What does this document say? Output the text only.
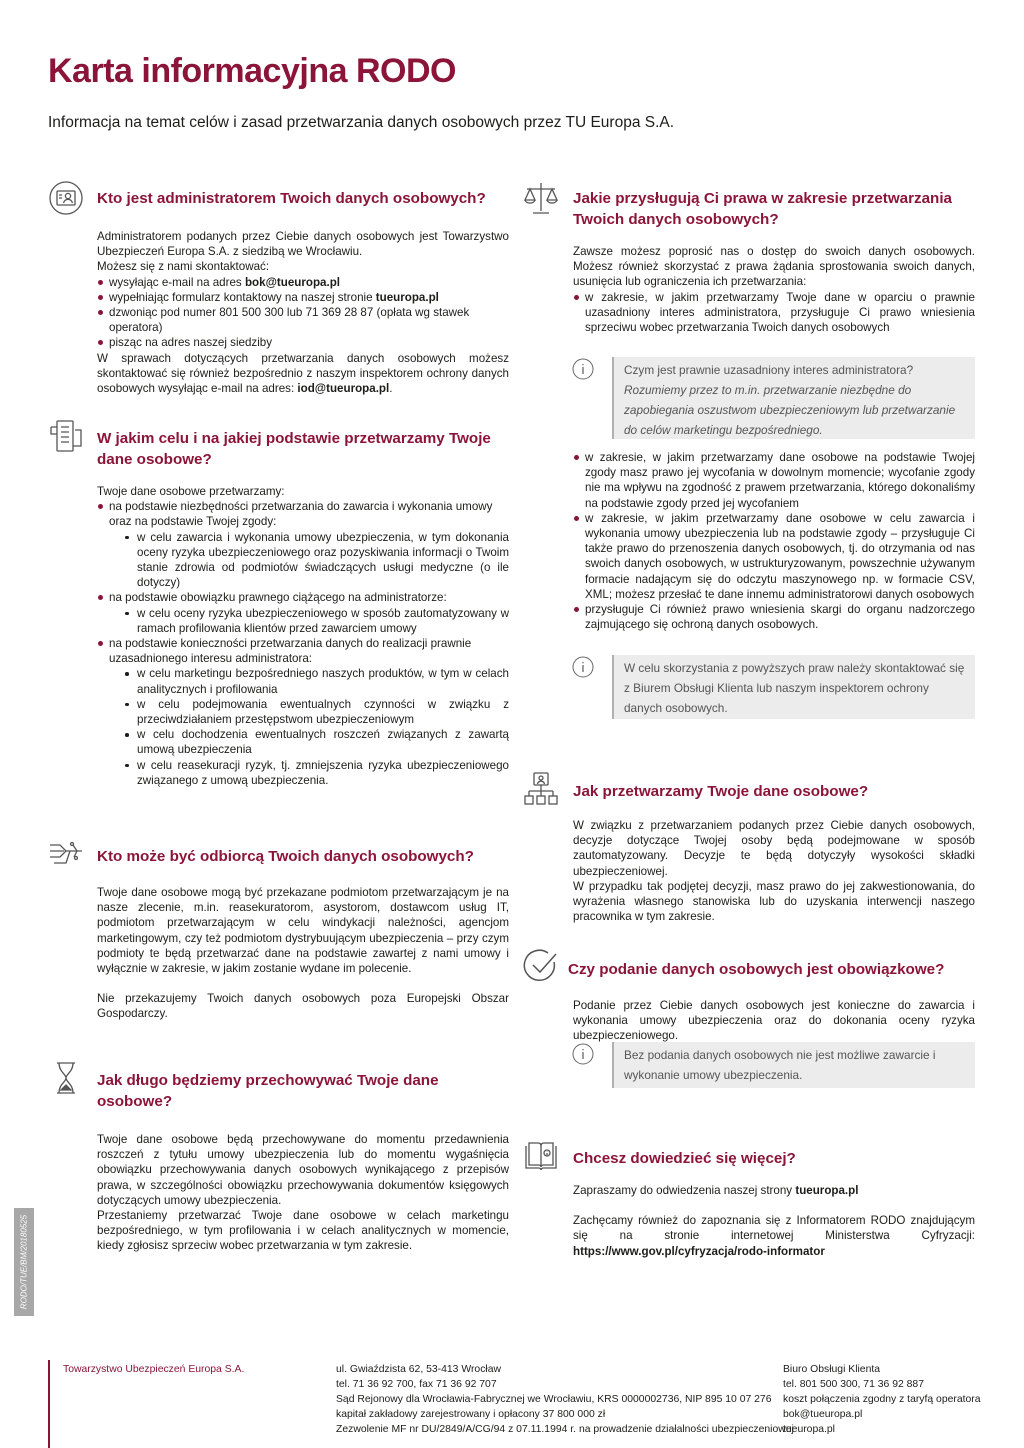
Karta informacyjna RODO

Informacja na temat celów i zasad przetwarzania danych osobowych przez TU Europa S.A.

Kto jest administratorem Twoich danych osobowych?

Administratorem podanych przez Ciebie danych osobowych jest Towarzystwo Ubezpieczeń Europa S.A. z siedzibą we Wrocławiu.

Możesz się z nami skontaktować:

wysyłając e-mail na adres bok@tueuropa.pl
wypełniając formularz kontaktowy na naszej stronie tueuropa.pl
dzwoniąc pod numer 801 500 300 lub 71 369 28 87 (opłata wg stawek operatora)
pisząc na adres naszej siedziby

W sprawach dotyczących przetwarzania danych osobowych możesz skontaktować się również bezpośrednio z naszym inspektorem ochrony danych osobowych wysyłając e-mail na adres: iod@tueuropa.pl.

W jakim celu i na jakiej podstawie przetwarzamy Twoje dane osobowe?

Twoje dane osobowe przetwarzamy:

na podstawie niezbędności przetwarzania do zawarcia i wykonania umowy oraz na podstawie Twojej zgody:
w celu zawarcia i wykonania umowy ubezpieczenia, w tym dokonania oceny ryzyka ubezpieczeniowego oraz pozyskiwania informacji o Twoim stanie zdrowia od podmiotów świadczących usługi medyczne (o ile dotyczy)
na podstawie obowiązku prawnego ciążącego na administratorze:
w celu oceny ryzyka ubezpieczeniowego w sposób zautomatyzowany w ramach profilowania klientów przed zawarciem umowy
na podstawie konieczności przetwarzania danych do realizacji prawnie uzasadnionego interesu administratora:
w celu marketingu bezpośredniego naszych produktów, w tym w celach analitycznych i profilowania
w celu podejmowania ewentualnych czynności w związku z przeciwdziałaniem przestępstwom ubezpieczeniowym
w celu dochodzenia ewentualnych roszczeń związanych z zawartą umową ubezpieczenia
w celu reasekuracji ryzyk, tj. zmniejszenia ryzyka ubezpieczeniowego związanego z umową ubezpieczenia.
Kto może być odbiorcą Twoich danych osobowych?

Twoje dane osobowe mogą być przekazane podmiotom przetwarzającym je na nasze zlecenie, m.in. reasekuratorom, asystorom, dostawcom usług IT, podmiotom przetwarzającym w celu windykacji należności, agencjom marketingowym, czy też podmiotom dystrybuującym ubezpieczenia – przy czym podmioty te będą przetwarzać dane na podstawie zawartej z nami umowy i wyłącznie w zakresie, w jakim zostanie wydane im polecenie.

Nie przekazujemy Twoich danych osobowych poza Europejski Obszar Gospodarczy.

Jak długo będziemy przechowywać Twoje dane osobowe?

Twoje dane osobowe będą przechowywane do momentu przedawnienia roszczeń z tytułu umowy ubezpieczenia lub do momentu wygaśnięcia obowiązku przechowywania danych osobowych wynikającego z przepisów prawa, w szczególności obowiązku przechowywania dokumentów księgowych dotyczących umowy ubezpieczenia.

Przestaniemy przetwarzać Twoje dane osobowe w celach marketingu bezpośredniego, w tym profilowania i w celach analitycznych w momencie, kiedy zgłosisz sprzeciw wobec przetwarzania w tym zakresie.

Jakie przysługują Ci prawa w zakresie przetwarzania Twoich danych osobowych?

Zawsze możesz poprosić nas o dostęp do swoich danych osobowych. Możesz również skorzystać z prawa żądania sprostowania swoich danych, usunięcia lub ograniczenia ich przetwarzania:

w zakresie, w jakim przetwarzamy Twoje dane w oparciu o prawnie uzasadniony interes administratora, przysługuje Ci prawo wniesienia sprzeciwu wobec przetwarzania Twoich danych osobowych
Czym jest prawnie uzasadniony interes administratora?
Rozumiemy przez to m.in. przetwarzanie niezbędne do zapobiegania oszustwom ubezpieczeniowym lub przetwarzanie do celów marketingu bezpośredniego.
w zakresie, w jakim przetwarzamy dane osobowe na podstawie Twojej zgody masz prawo jej wycofania w dowolnym momencie; wycofanie zgody nie ma wpływu na zgodność z prawem przetwarzania, którego dokonaliśmy na podstawie zgody przed jej wycofaniem
w zakresie, w jakim przetwarzamy dane osobowe w celu zawarcia i wykonania umowy ubezpieczenia lub na podstawie zgody – przysługuje Ci także prawo do przenoszenia danych osobowych, tj. do otrzymania od nas swoich danych osobowych, w ustrukturyzowanym, powszechnie używanym formacie nadającym się do odczytu maszynowego np. w formacie CSV, XML; możesz przesłać te dane innemu administratorowi danych osobowych
przysługuje Ci również prawo wniesienia skargi do organu nadzorczego zajmującego się ochroną danych osobowych.
W celu skorzystania z powyższych praw należy skontaktować się z Biurem Obsługi Klienta lub naszym inspektorem ochrony danych osobowych.
Jak przetwarzamy Twoje dane osobowe?

W związku z przetwarzaniem podanych przez Ciebie danych osobowych, decyzje dotyczące Twojej osoby będą podejmowane w sposób zautomatyzowany. Decyzje te będą dotyczyły wysokości składki ubezpieczeniowej.

W przypadku tak podjętej decyzji, masz prawo do jej zakwestionowania, do wyrażenia własnego stanowiska lub do uzyskania interwencji naszego pracownika w tym zakresie.

Czy podanie danych osobowych jest obowiązkowe?

Podanie przez Ciebie danych osobowych jest konieczne do zawarcia i wykonania umowy ubezpieczenia oraz do dokonania oceny ryzyka ubezpieczeniowego.

Bez podania danych osobowych nie jest możliwe zawarcie i wykonanie umowy ubezpieczenia.
Chcesz dowiedzieć się więcej?

Zapraszamy do odwiedzenia naszej strony tueuropa.pl

Zachęcamy również do zapoznania się z Informatorem RODO znajdującym się na stronie internetowej Ministerstwa Cyfryzacji: https://www.gov.pl/cyfryzacja/rodo-informator

RODO/TUE/BM/20180525
Towarzystwo Ubezpieczeń Europa S.A.	ul. Gwiaździsta 62, 53-413 Wrocław
tel. 71 36 92 700, fax 71 36 92 707
Sąd Rejonowy dla Wrocławia-Fabrycznej we Wrocławiu, KRS 0000002736, NIP 895 10 07 276
kapitał zakładowy zarejestrowany i opłacony 37 800 000 zł
Zezwolenie MF nr DU/2849/A/CG/94 z 07.11.1994 r. na prowadzenie działalności ubezpieczeniowej
Biuro Obsługi Klienta
tel. 801 500 300, 71 36 92 887
koszt połączenia zgodny z taryfą operatora
bok@tueuropa.pl
tueuropa.pl
